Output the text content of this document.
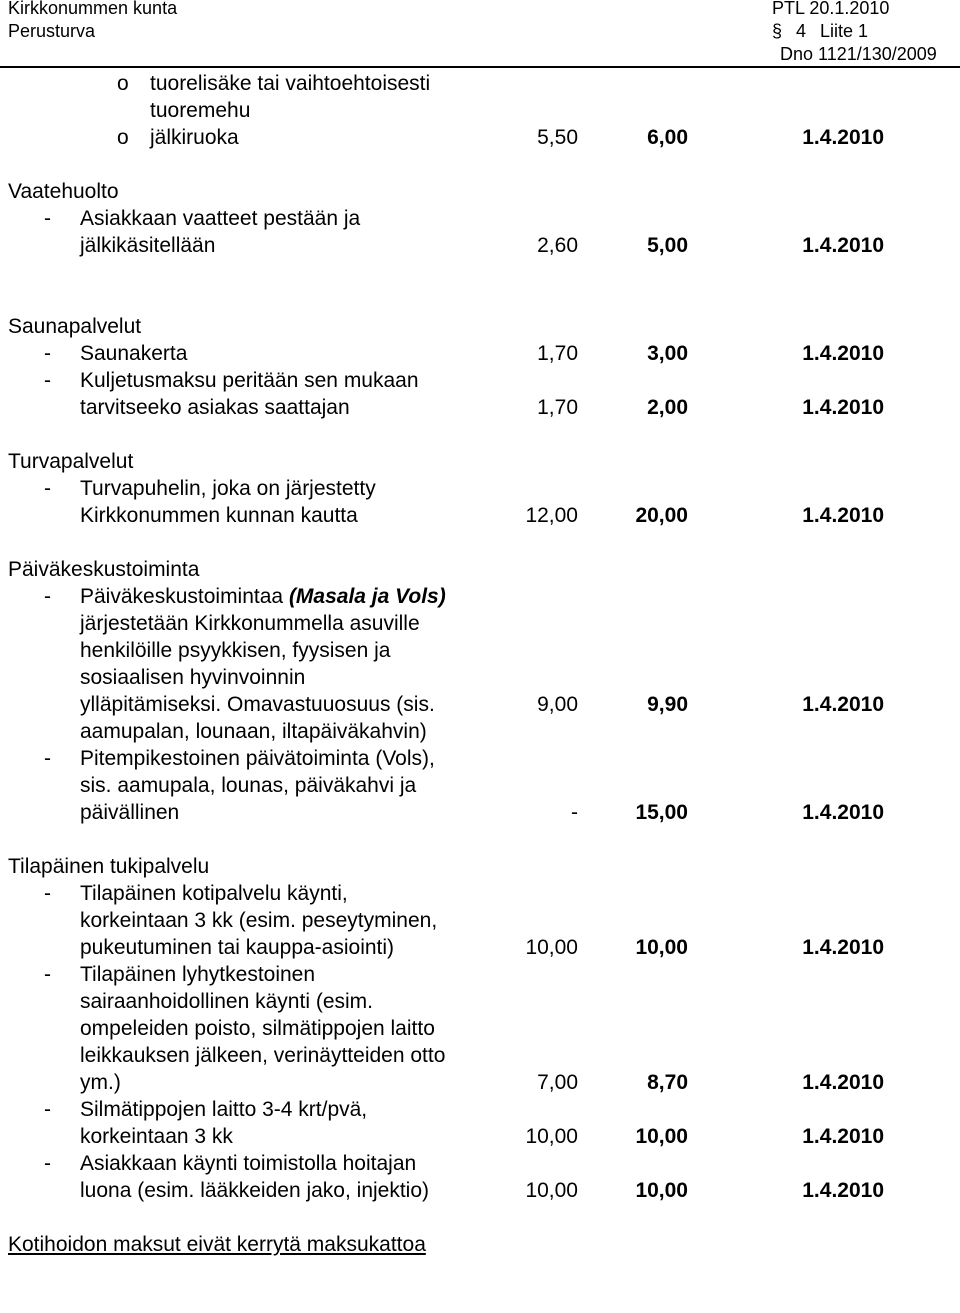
Kirkkonummen kunta	PTL 20.1.2010
Perusturva	§ 4 Liite 1
Dno 1121/130/2009
o tuorelisäke tai vaihtoehtoisesti
tuoremehu
o jälkiruoka	5,50	6,00	1.4.2010
Vaatehuolto
- Asiakkaan vaatteet pestään ja
jälkikäsitellään	2,60	5,00	1.4.2010
Saunapalvelut
- Saunakerta	1,70	3,00	1.4.2010
- Kuljetusmaksu peritään sen mukaan
tarvitseeko asiakas saattajan	1,70	2,00	1.4.2010
Turvapalvelut
- Turvapuhelin, joka on järjestetty
Kirkkonummen kunnan kautta	12,00	20,00	1.4.2010
Päiväkeskustoiminta
- Päiväkeskustoimintaa (Masala ja Vols)
järjestetään Kirkkonummella asuville
henkilöille psyykkisen, fyysisen ja
sosiaalisen hyvinvoinnin
ylläpitämiseksi. Omavastuuosuus (sis.	9,00	9,90	1.4.2010
aamupalan, lounaan, iltapäiväkahvin)
- Pitempikestoinen päivätoiminta (Vols),
sis. aamupala, lounas, päiväkahvi ja
päivällinen	-	15,00	1.4.2010
Tilapäinen tukipalvelu
- Tilapäinen kotipalvelu käynti,
korkeintaan 3 kk (esim. peseytyminen,
pukeutuminen tai kauppa-asiointi)	10,00	10,00	1.4.2010
- Tilapäinen lyhytkestoinen
sairaanhoidollinen käynti (esim.
ompeleiden poisto, silmätippojen laitto
leikkauksen jälkeen, verinäytteiden otto
ym.)	7,00	8,70	1.4.2010
- Silmätippojen laitto 3-4 krt/pvä,
korkeintaan 3 kk	10,00	10,00	1.4.2010
- Asiakkaan käynti toimistolla hoitajan
luona (esim. lääkkeiden jako, injektio)	10,00	10,00	1.4.2010
Kotihoidon maksut eivät kerrytä maksukattoa
